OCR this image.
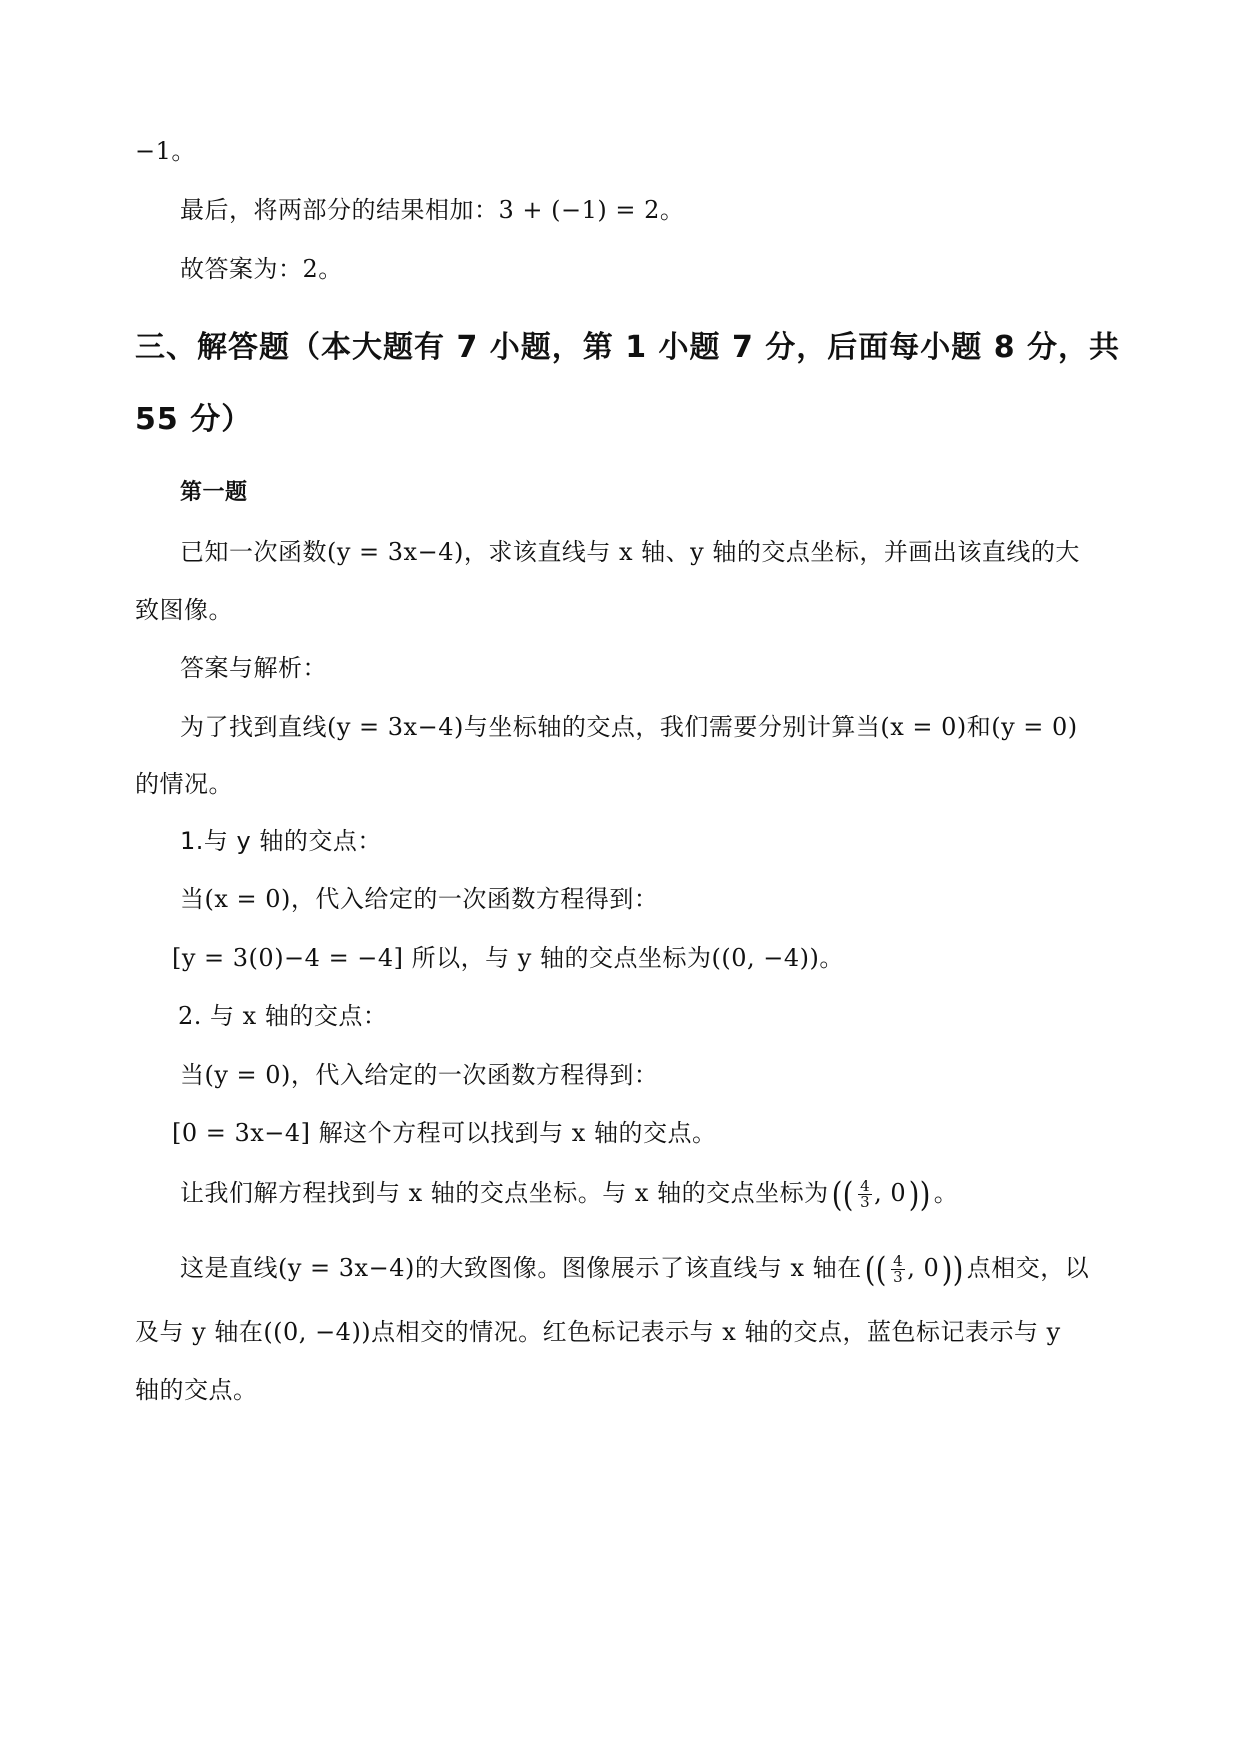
−1。
最后，将两部分的结果相加：3 + (−1) = 2。
故答案为：2。
三、解答题（本大题有 7 小题，第 1 小题 7 分，后面每小题 8 分，共
55 分）
第一题
已知一次函数(y = 3x−4)，求该直线与 x 轴、y 轴的交点坐标，并画出该直线的大
致图像。
答案与解析：
为了找到直线(y = 3x−4)与坐标轴的交点，我们需要分别计算当(x = 0)和(y = 0)
的情况。
1.与 y 轴的交点：
当(x = 0)，代入给定的一次函数方程得到：
[y = 3(0)−4 = −4] 所以，与 y 轴的交点坐标为((0, −4))。
2. 与 x 轴的交点：
当(y = 0)，代入给定的一次函数方程得到：
[0 = 3x−4] 解这个方程可以找到与 x 轴的交点。
让我们解方程找到与 x 轴的交点坐标。与 x 轴的交点坐标为(( $\frac{4}{3}$ , 0)) 。
这是直线(y = 3x−4)的大致图像。图像展示了该直线与 x 轴在(( $\frac{4}{3}$ , 0)) 点相交，以
及与 y 轴在((0, −4))点相交的情况。红色标记表示与 x 轴的交点，蓝色标记表示与 y
轴的交点。
